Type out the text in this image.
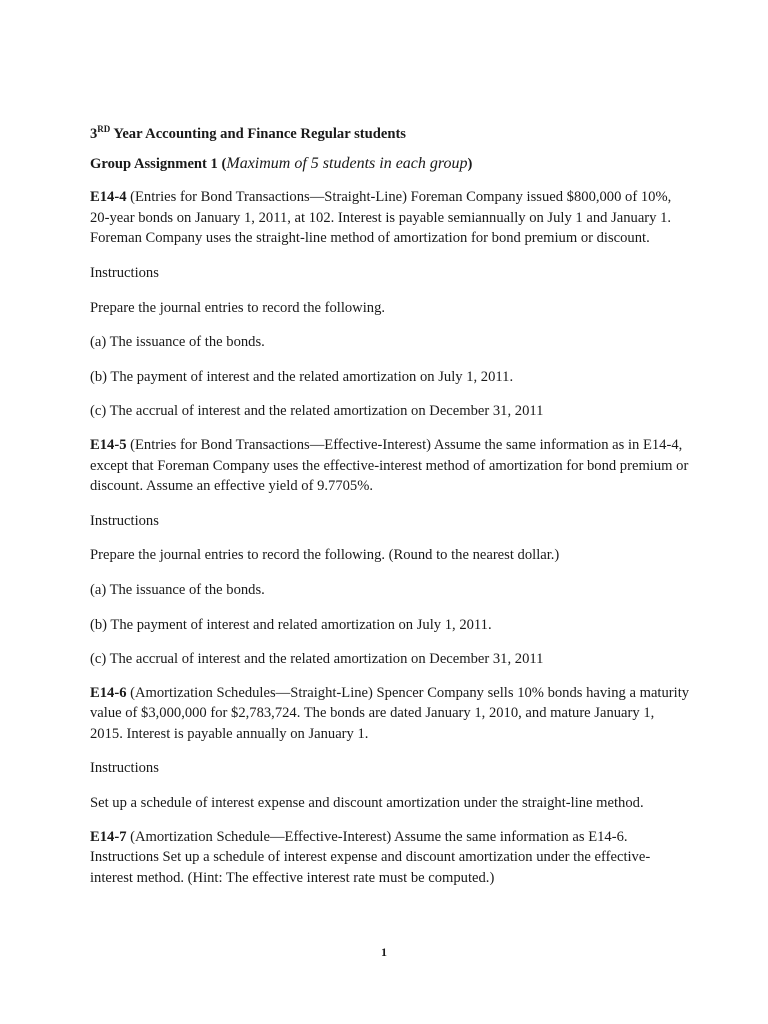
3RD Year Accounting and Finance Regular students

Group Assignment 1 (Maximum of 5 students in each group)

E14-4 (Entries for Bond Transactions—Straight-Line) Foreman Company issued $800,000 of 10%, 20-year bonds on January 1, 2011, at 102. Interest is payable semiannually on July 1 and January 1. Foreman Company uses the straight-line method of amortization for bond premium or discount.

Instructions

Prepare the journal entries to record the following.

(a) The issuance of the bonds.

(b) The payment of interest and the related amortization on July 1, 2011.

(c) The accrual of interest and the related amortization on December 31, 2011

E14-5 (Entries for Bond Transactions—Effective-Interest) Assume the same information as in E14-4, except that Foreman Company uses the effective-interest method of amortization for bond premium or discount. Assume an effective yield of 9.7705%.

Instructions

Prepare the journal entries to record the following. (Round to the nearest dollar.)

(a) The issuance of the bonds.

(b) The payment of interest and related amortization on July 1, 2011.

(c) The accrual of interest and the related amortization on December 31, 2011

E14-6 (Amortization Schedules—Straight-Line) Spencer Company sells 10% bonds having a maturity value of $3,000,000 for $2,783,724. The bonds are dated January 1, 2010, and mature January 1, 2015. Interest is payable annually on January 1.

Instructions

Set up a schedule of interest expense and discount amortization under the straight-line method.

E14-7 (Amortization Schedule—Effective-Interest) Assume the same information as E14-6. Instructions Set up a schedule of interest expense and discount amortization under the effective-interest method. (Hint: The effective interest rate must be computed.)

1
